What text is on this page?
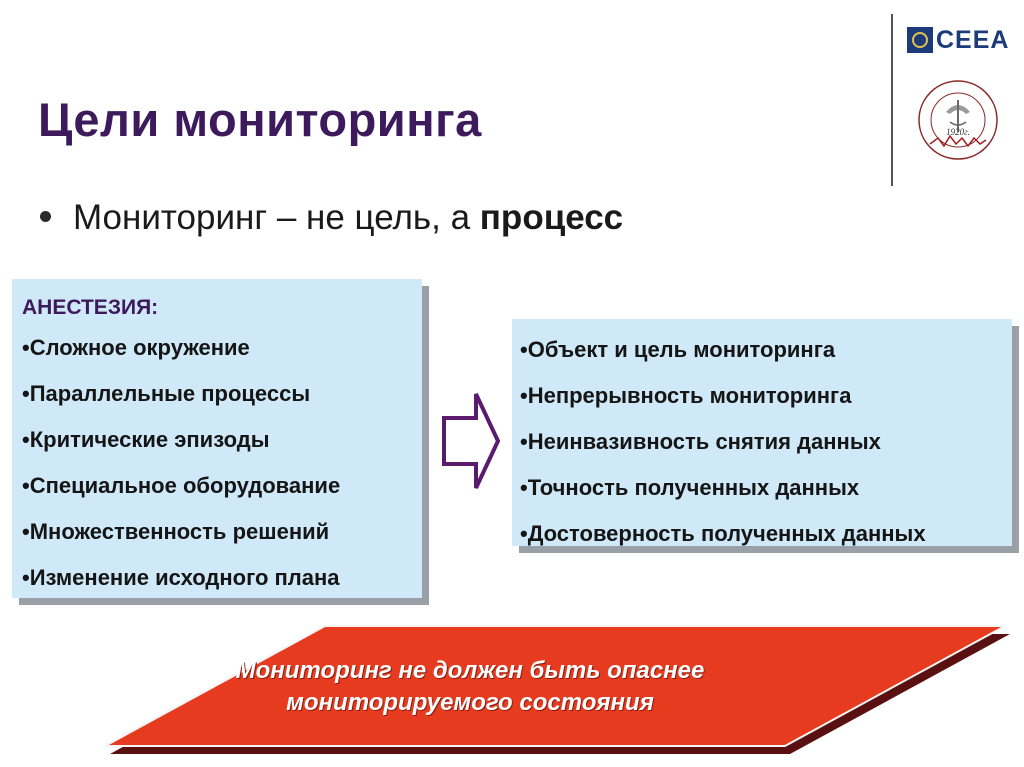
Цели мониторинга
Мониторинг – не цель, а процесс
CEEA
1920г.
АНЕСТЕЗИЯ:
•Сложное окружение
•Параллельные процессы
•Критические эпизоды
•Специальное оборудование
•Множественность решений
•Изменение исходного плана
•Объект и цель мониторинга
•Непрерывность мониторинга
•Неинвазивность снятия данных
•Точность полученных данных
•Достоверность полученных данных
Мониторинг не должен быть опаснее
мониторируемого состояния
